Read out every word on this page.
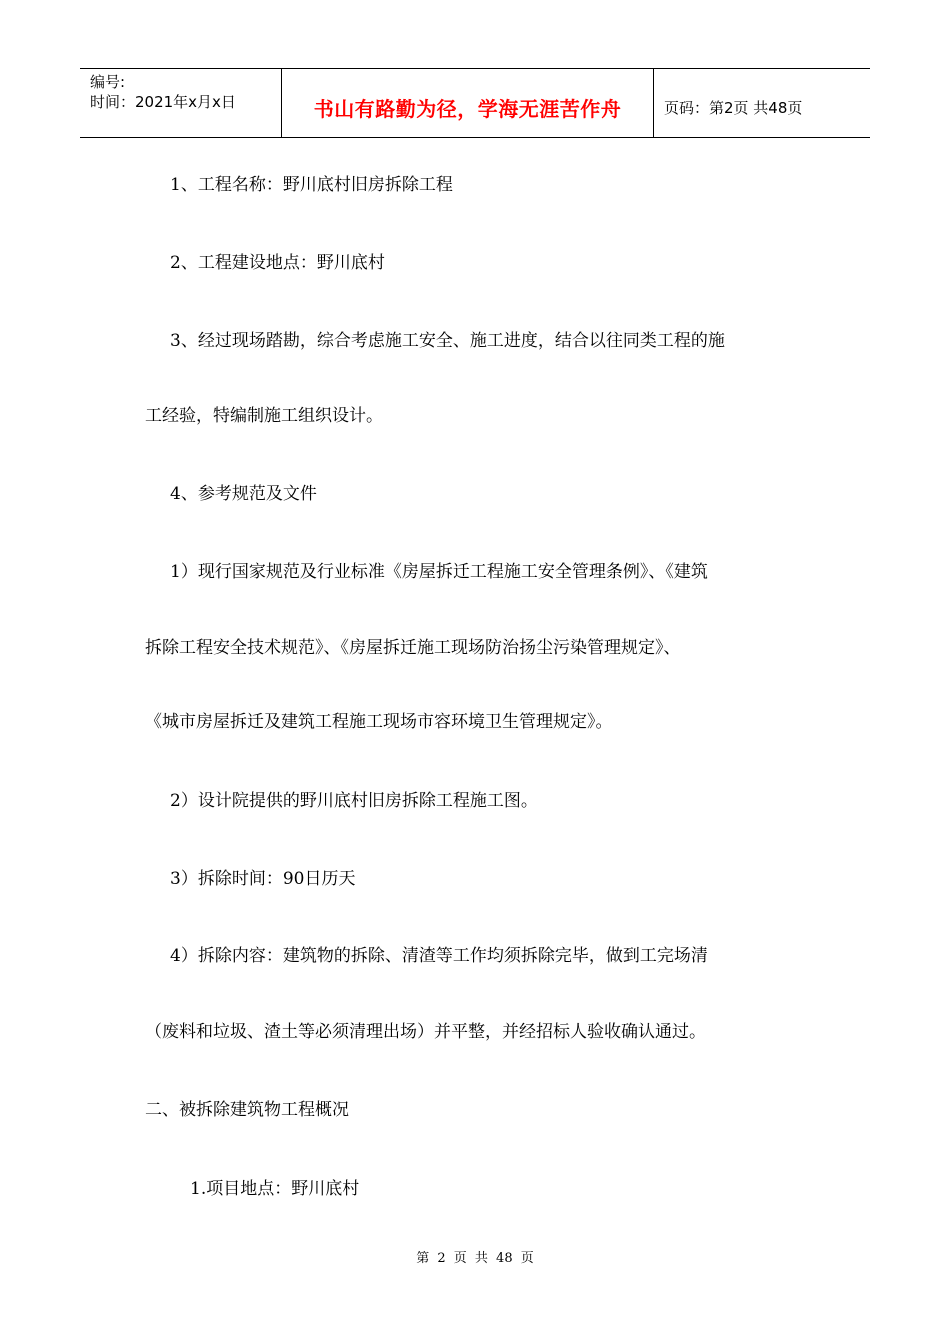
编号:
时间：2021年x月x日	书山有路勤为径，学海无涯苦作舟	页码：第2页 共48页
1、工程名称：野川底村旧房拆除工程
2、工程建设地点：野川底村
3、经过现场踏勘，综合考虑施工安全、施工进度，结合以往同类工程的施
工经验，特编制施工组织设计。
4、参考规范及文件
1）现行国家规范及行业标准《房屋拆迁工程施工安全管理条例》、《建筑
拆除工程安全技术规范》、《房屋拆迁施工现场防治扬尘污染管理规定》、
《城市房屋拆迁及建筑工程施工现场市容环境卫生管理规定》。
2）设计院提供的野川底村旧房拆除工程施工图。
3）拆除时间：90日历天
4）拆除内容：建筑物的拆除、清渣等工作均须拆除完毕，做到工完场清
（废料和垃圾、渣土等必须清理出场）并平整，并经招标人验收确认通过。
二、被拆除建筑物工程概况
1.项目地点：野川底村
第 2 页 共 48 页
